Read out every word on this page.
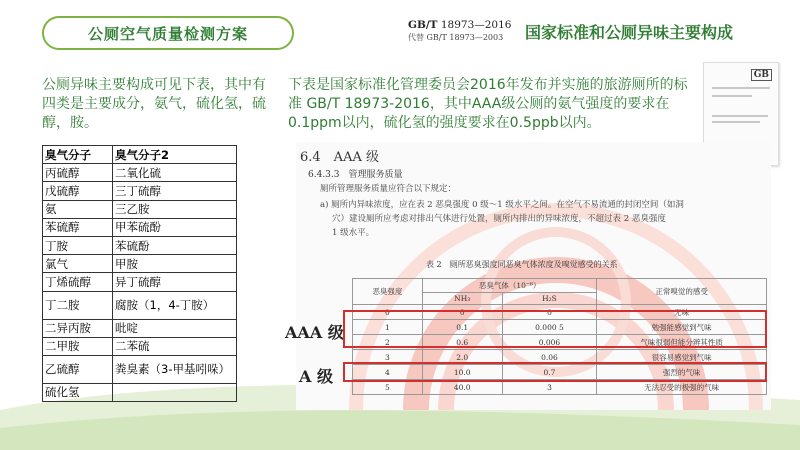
公厕空气质量检测方案	GB/T 18973—2016
代替 GB/T 18973—2003	国家标准和公厕异味主要构成
公厕异味主要构成可见下表，其中有四类是主要成分，氨气，硫化氢，硫醇，胺。
下表是国家标准化管理委员会2016年发布并实施的旅游厕所的标准 GB/T 18973-2016，其中AAA级公厕的氨气强度的要求在0.1ppm以内，硫化氢的强度要求在0.5ppb以内。
GB
臭气分子	臭气分子2
丙硫醇	二氧化硫
戊硫醇	三丁硫醇
氨	三乙胺
苯硫醇	甲苯硫酚
丁胺	苯硫酚
氯气	甲胺
丁烯硫醇	异丁硫醇
丁二胺	腐胺（1，4-丁胺）
二异丙胺	吡啶
二甲胺	二苯硫
乙硫醇	粪臭素（3-甲基吲哚）
硫化氢	
6.4　AAA 级
6.4.3.3　管理服务质量
厕所管理服务质量应符合以下规定：
a) 厕所内异味浓度，应在表 2 恶臭强度 0 级～1 级水平之间。在空气不易流通的封闭空间（如洞
穴）建设厕所应考虑对排出气体进行处置，厕所内排出的异味浓度，不超过表 2 恶臭强度
1 级水平。
表 2　厕所恶臭强度同恶臭气体浓度及嗅觉感受的关系
AAA 级
A 级
恶臭强度	恶臭气体（10⁻⁶）		正常嗅觉的感受
	NH₃	H₂S	
0	0	0	无味
1	0.1	0.000 5	勉强能感觉到气味
2	0.6	0.006	气味很弱但能分辨其性质
3	2.0	0.06	很容易感觉到气味
4	10.0	0.7	强烈的气味
5	40.0	3	无法忍受的极强的气味
